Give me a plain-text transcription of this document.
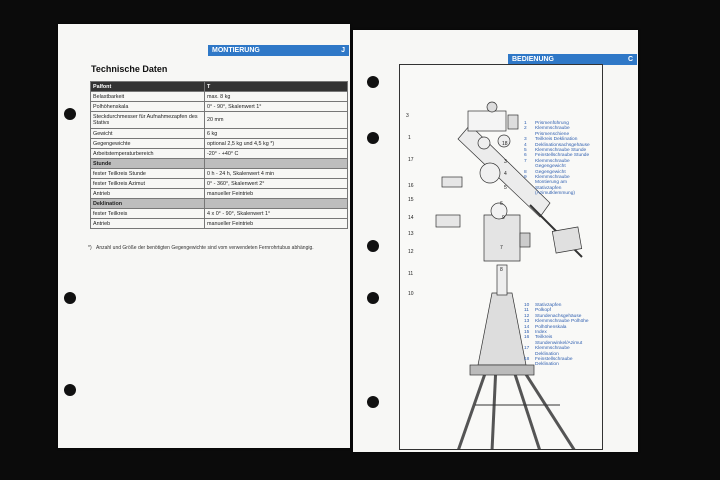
MONTIERUNG	J
Technische Daten
Palfont	T
Belastbarkeit	max. 8 kg
Polhöhenskala	0° - 90°, Skalenwert 1°
Steckdurchmesser für Aufnahmezapfen des Stativs	20 mm
Gewicht	6 kg
Gegengewichte	optional 2,5 kg und 4,5 kg *)
Arbeitstemperaturbereich	-20° - +40° C
Stunde	
fester Teilkreis Stunde	0 h - 24 h, Skalenwert 4 min
fester Teilkreis Azimut	0° - 360°, Skalenwert 2°
Antrieb	manueller Feintrieb
Deklination	
fester Teilkreis	4 x 0° - 90°, Skalenwert 1°
Antrieb	manueller Feintrieb
*) Anzahl und Größe der benötigten Gegengewichte sind vom verwendeten Fernrohrtubus abhängig.
BEDIENUNG	C
1	Prismenführung
2	Klemmschraube Prismenschiene
3	Teilkreis Deklination
4	Deklinationsachsgehäuse
5	Klemmschraube Stunde
6	Feinstellschraube Stunde
7	Klemmschraube Gegengewicht
8	Gegengewicht
9	Klemmschraube Montierung am Stativzapfen (Azimutklemmung)
10	Stativzapfen
11	Polkopf
12	Stundenachsgehäuse
13	Klemmschraube Polhöhe
14	Polhöhenskala
15	Index
16	Teilkreis Stundenwinkel/Azimut
17	Klemmschraube Deklination
18	Feinstellschraube Deklination
3
1
17
16
15
14
13
12
11
10
18
3
4
5
6
9
7
8
